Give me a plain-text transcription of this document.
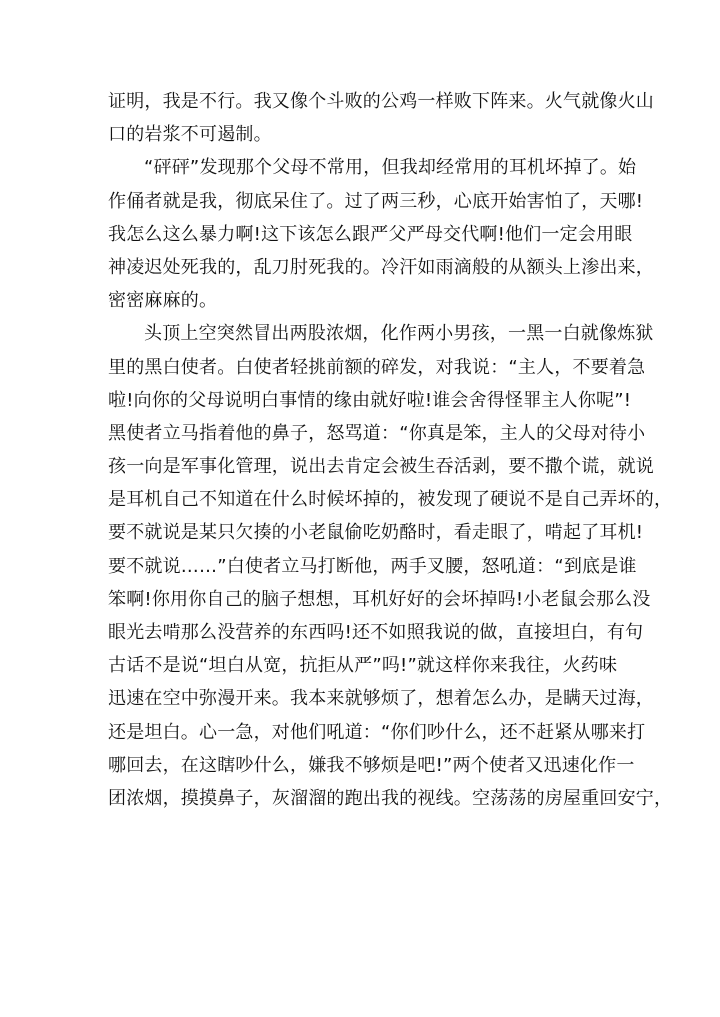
证明，我是不行。我又像个斗败的公鸡一样败下阵来。火气就像火山
口的岩浆不可遏制。
“砰砰”发现那个父母不常用，但我却经常用的耳机坏掉了。始
作俑者就是我，彻底呆住了。过了两三秒，心底开始害怕了，天哪!
我怎么这么暴力啊!这下该怎么跟严父严母交代啊!他们一定会用眼
神凌迟处死我的，乱刀肘死我的。冷汗如雨滴般的从额头上渗出来，
密密麻麻的。
头顶上空突然冒出两股浓烟，化作两小男孩，一黑一白就像炼狱
里的黑白使者。白使者轻挑前额的碎发，对我说：“主人，不要着急
啦!向你的父母说明白事情的缘由就好啦!谁会舍得怪罪主人你呢”!
黑使者立马指着他的鼻子，怒骂道：“你真是笨，主人的父母对待小
孩一向是军事化管理，说出去肯定会被生吞活剥，要不撒个谎，就说
是耳机自己不知道在什么时候坏掉的，被发现了硬说不是自己弄坏的，
要不就说是某只欠揍的小老鼠偷吃奶酪时，看走眼了，啃起了耳机!
要不就说……”白使者立马打断他，两手叉腰，怒吼道：“到底是谁
笨啊!你用你自己的脑子想想，耳机好好的会坏掉吗!小老鼠会那么没
眼光去啃那么没营养的东西吗!还不如照我说的做，直接坦白，有句
古话不是说“坦白从宽，抗拒从严”吗!”就这样你来我往，火药味
迅速在空中弥漫开来。我本来就够烦了，想着怎么办，是瞒天过海，
还是坦白。心一急，对他们吼道：“你们吵什么，还不赶紧从哪来打
哪回去，在这瞎吵什么，嫌我不够烦是吧!”两个使者又迅速化作一
团浓烟，摸摸鼻子，灰溜溜的跑出我的视线。空荡荡的房屋重回安宁，
